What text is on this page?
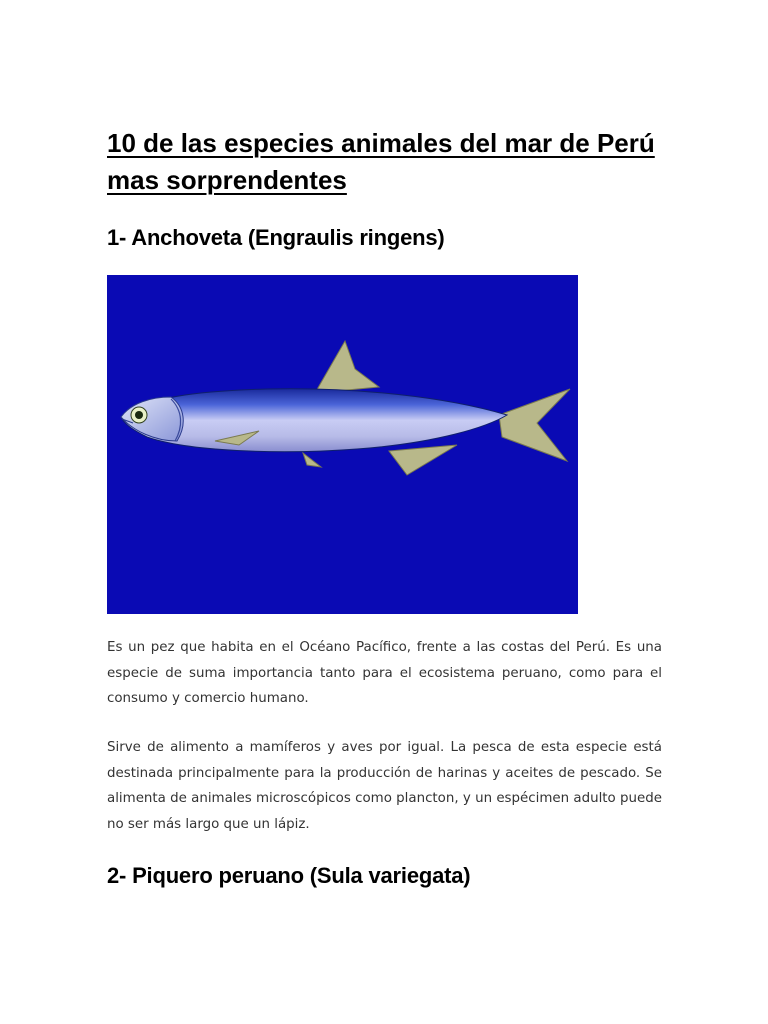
10 de las especies animales del mar de Perú mas sorprendentes
1- Anchoveta (Engraulis ringens)

Es un pez que habita en el Océano Pacífico, frente a las costas del Perú. Es una especie de suma importancia tanto para el ecosistema peruano, como para el consumo y comercio humano.

Sirve de alimento a mamíferos y aves por igual. La pesca de esta especie está destinada principalmente para la producción de harinas y aceites de pescado. Se alimenta de animales microscópicos como plancton, y un espécimen adulto puede no ser más largo que un lápiz.

2- Piquero peruano (Sula variegata)
